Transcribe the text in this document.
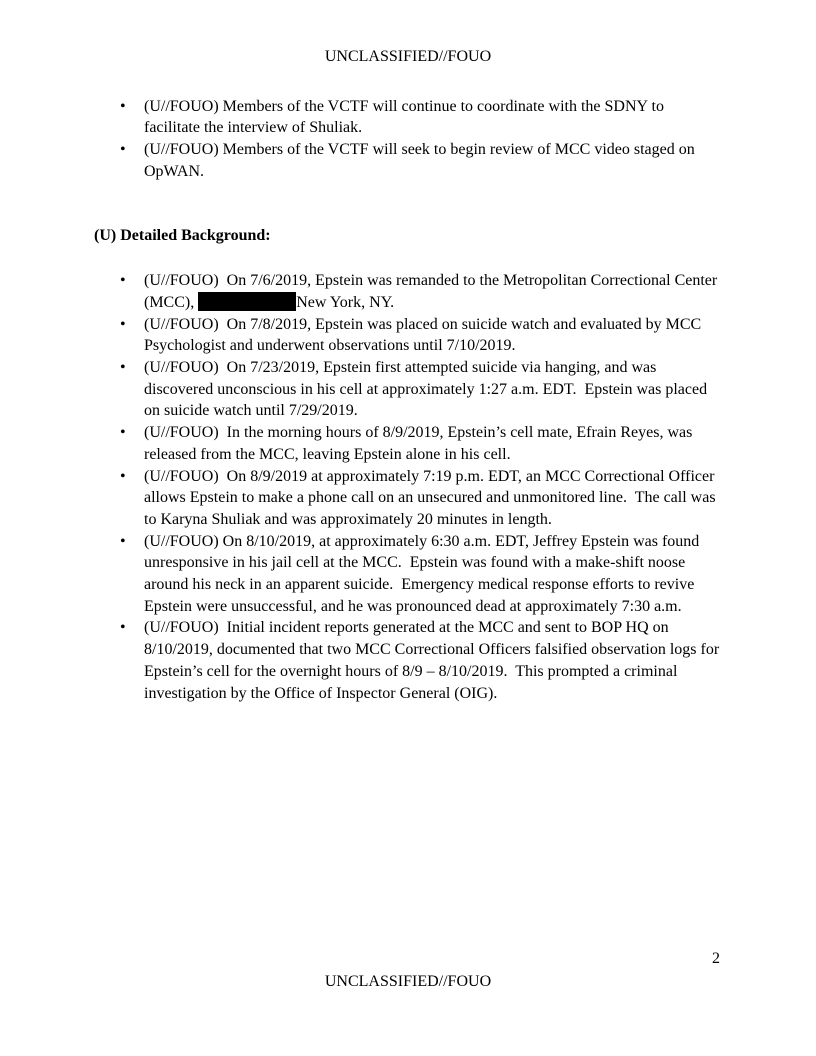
UNCLASSIFIED//FOUO
• (U//FOUO) Members of the VCTF will continue to coordinate with the SDNY to facilitate the interview of Shuliak.
• (U//FOUO) Members of the VCTF will seek to begin review of MCC video staged on OpWAN.
(U) Detailed Background:
• (U//FOUO)  On 7/6/2019, Epstein was remanded to the Metropolitan Correctional Center (MCC),	New York, NY.
• (U//FOUO)  On 7/8/2019, Epstein was placed on suicide watch and evaluated by MCC Psychologist and underwent observations until 7/10/2019.
• (U//FOUO)  On 7/23/2019, Epstein first attempted suicide via hanging, and was discovered unconscious in his cell at approximately 1:27 a.m. EDT.  Epstein was placed on suicide watch until 7/29/2019.
• (U//FOUO)  In the morning hours of 8/9/2019, Epstein’s cell mate, Efrain Reyes, was released from the MCC, leaving Epstein alone in his cell.
• (U//FOUO)  On 8/9/2019 at approximately 7:19 p.m. EDT, an MCC Correctional Officer allows Epstein to make a phone call on an unsecured and unmonitored line.  The call was to Karyna Shuliak and was approximately 20 minutes in length.
• (U//FOUO) On 8/10/2019, at approximately 6:30 a.m. EDT, Jeffrey Epstein was found unresponsive in his jail cell at the MCC.  Epstein was found with a make-shift noose around his neck in an apparent suicide.  Emergency medical response efforts to revive Epstein were unsuccessful, and he was pronounced dead at approximately 7:30 a.m.
• (U//FOUO)  Initial incident reports generated at the MCC and sent to BOP HQ on 8/10/2019, documented that two MCC Correctional Officers falsified observation logs for Epstein’s cell for the overnight hours of 8/9 – 8/10/2019.  This prompted a criminal investigation by the Office of Inspector General (OIG).
2
UNCLASSIFIED//FOUO
